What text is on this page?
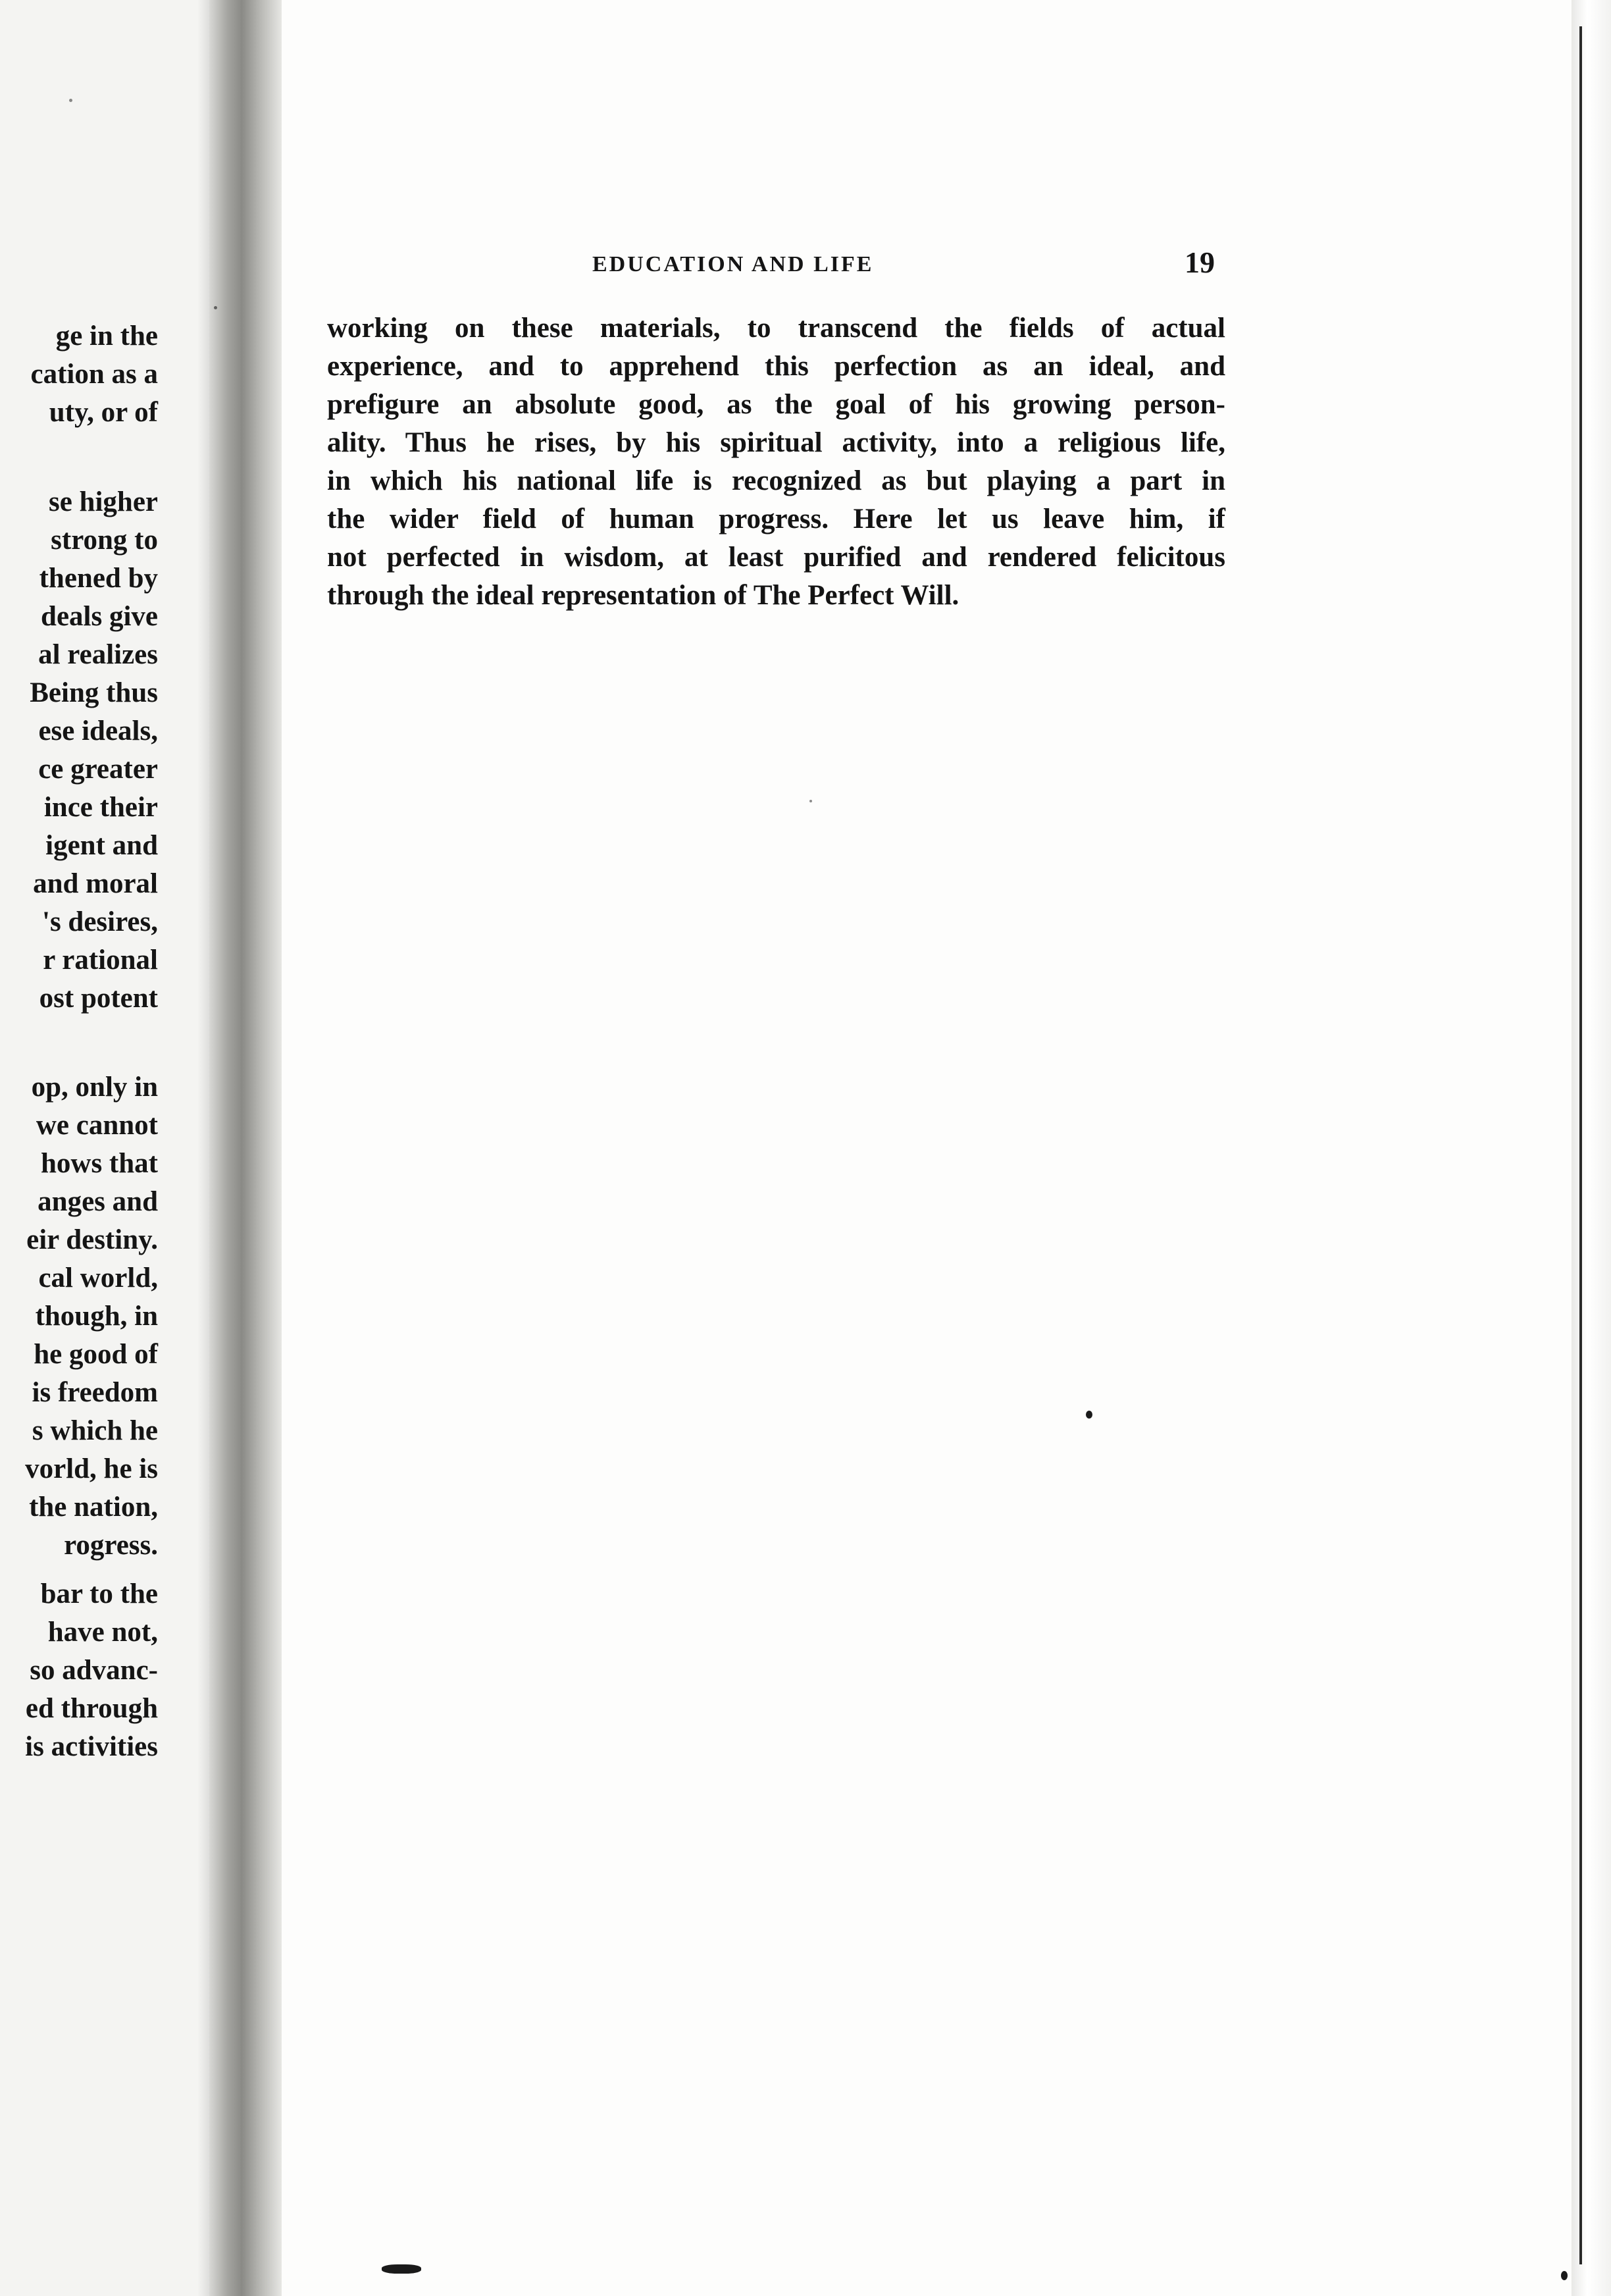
ge in the
cation as a
uty, or of
se higher
strong to
thened by
deals give
al realizes
Being thus
ese ideals,
ce greater
ince their
igent and
and moral
's desires,
r rational
ost potent
op, only in
we cannot
hows that
anges and
eir destiny.
cal world,
though, in
he good of
is freedom
s which he
vorld, he is
the nation,
rogress.
bar to the
have not,
so advanc-
ed through
is activities
EDUCATION AND LIFE	19
working on these materials, to transcend the fields of actual
experience, and to apprehend this perfection as an ideal, and
prefigure an absolute good, as the goal of his growing person-
ality. Thus he rises, by his spiritual activity, into a religious life,
in which his national life is recognized as but playing a part in
the wider field of human progress. Here let us leave him, if
not perfected in wisdom, at least purified and rendered felicitous
through the ideal representation of The Perfect Will.
